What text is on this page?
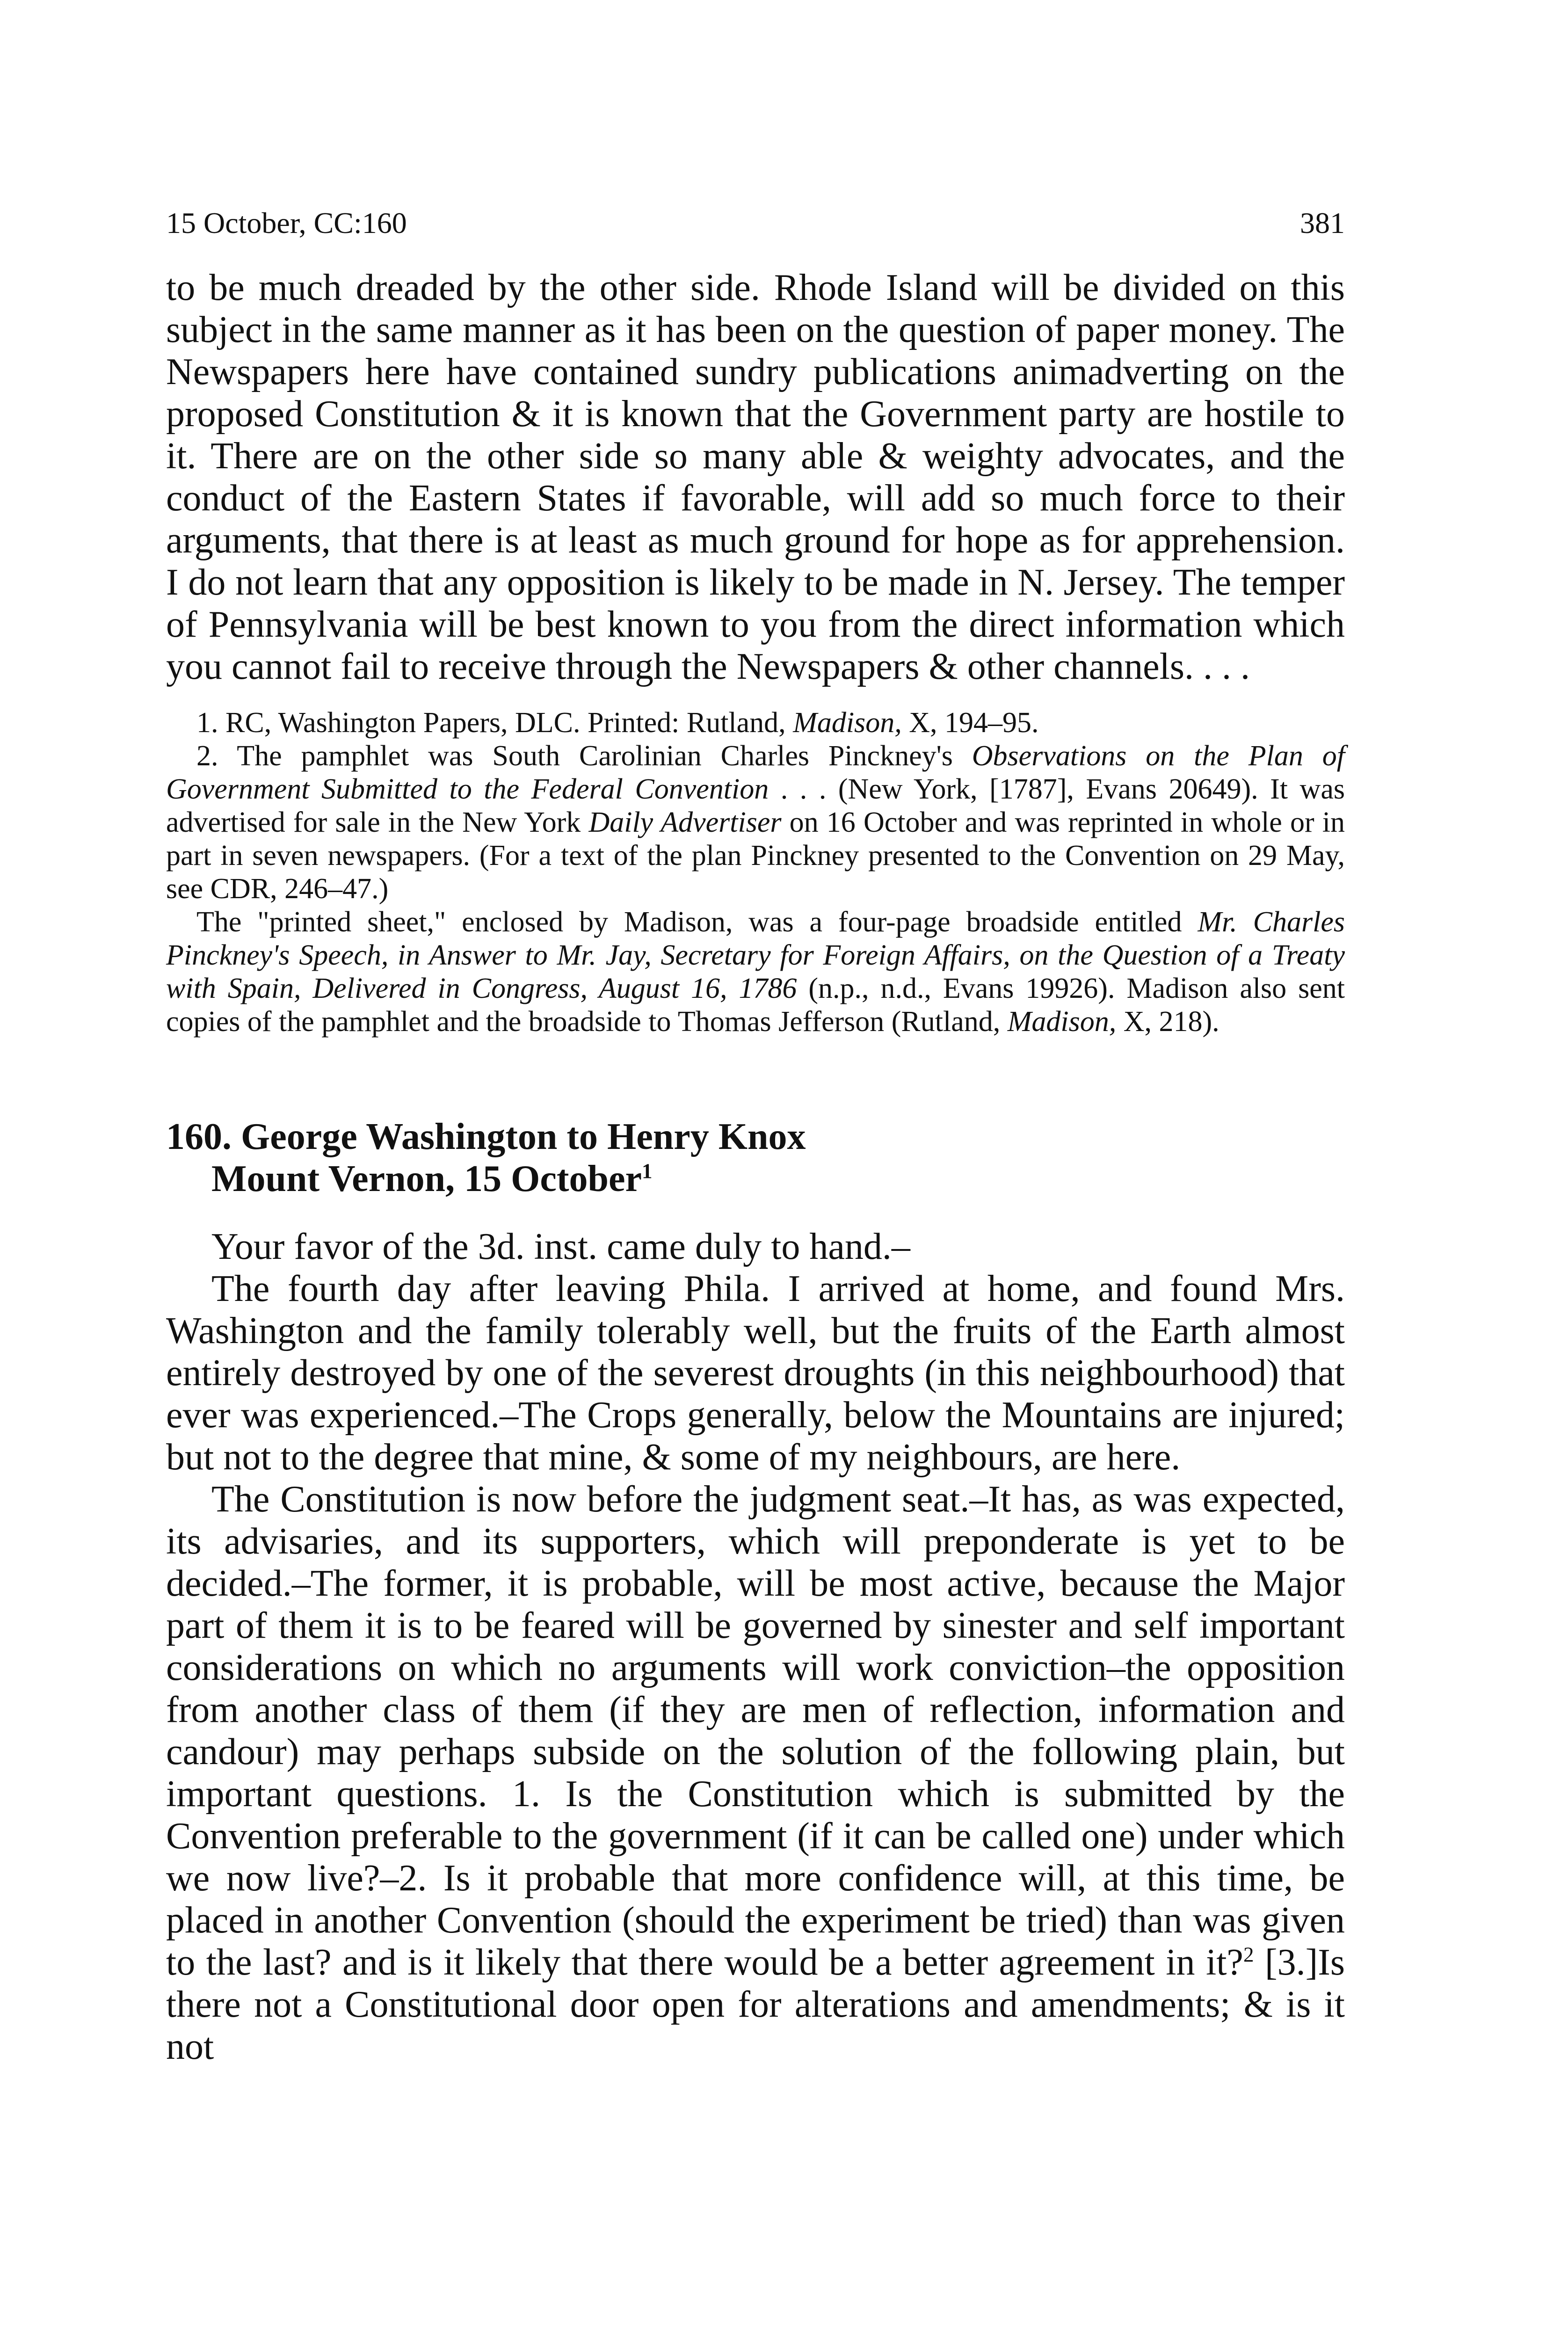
15 October, CC:160	381

to be much dreaded by the other side. Rhode Island will be divided on this subject in the same manner as it has been on the question of paper money. The Newspapers here have contained sundry publications animadverting on the proposed Constitution & it is known that the Government party are hostile to it. There are on the other side so many able & weighty advocates, and the conduct of the Eastern States if favorable, will add so much force to their arguments, that there is at least as much ground for hope as for apprehension. I do not learn that any opposition is likely to be made in N. Jersey. The temper of Pennsylvania will be best known to you from the direct information which you cannot fail to receive through the Newspapers & other channels. . . .

1. RC, Washington Papers, DLC. Printed: Rutland, Madison, X, 194–95.

2. The pamphlet was South Carolinian Charles Pinckney's Observations on the Plan of Government Submitted to the Federal Convention . . . (New York, [1787], Evans 20649). It was advertised for sale in the New York Daily Advertiser on 16 October and was reprinted in whole or in part in seven newspapers. (For a text of the plan Pinckney presented to the Convention on 29 May, see CDR, 246–47.)

The "printed sheet," enclosed by Madison, was a four-page broadside entitled Mr. Charles Pinckney's Speech, in Answer to Mr. Jay, Secretary for Foreign Affairs, on the Question of a Treaty with Spain, Delivered in Congress, August 16, 1786 (n.p., n.d., Evans 19926). Madison also sent copies of the pamphlet and the broadside to Thomas Jefferson (Rutland, Madison, X, 218).

160. George Washington to Henry Knox
Mount Vernon, 15 October$^1$

Your favor of the 3d. inst. came duly to hand.–

The fourth day after leaving Phila. I arrived at home, and found Mrs. Washington and the family tolerably well, but the fruits of the Earth almost entirely destroyed by one of the severest droughts (in this neighbourhood) that ever was experienced.–The Crops generally, below the Mountains are injured; but not to the degree that mine, & some of my neighbours, are here.

The Constitution is now before the judgment seat.–It has, as was expected, its advisaries, and its supporters, which will preponderate is yet to be decided.–The former, it is probable, will be most active, because the Major part of them it is to be feared will be governed by sinester and self important considerations on which no arguments will work conviction–the opposition from another class of them (if they are men of reflection, information and candour) may perhaps subside on the solution of the following plain, but important questions. 1. Is the Constitution which is submitted by the Convention preferable to the government (if it can be called one) under which we now live?–2. Is it probable that more confidence will, at this time, be placed in another Convention (should the experiment be tried) than was given to the last? and is it likely that there would be a better agreement in it?$^2$ [3.]Is there not a Constitutional door open for alterations and amendments; & is it not
